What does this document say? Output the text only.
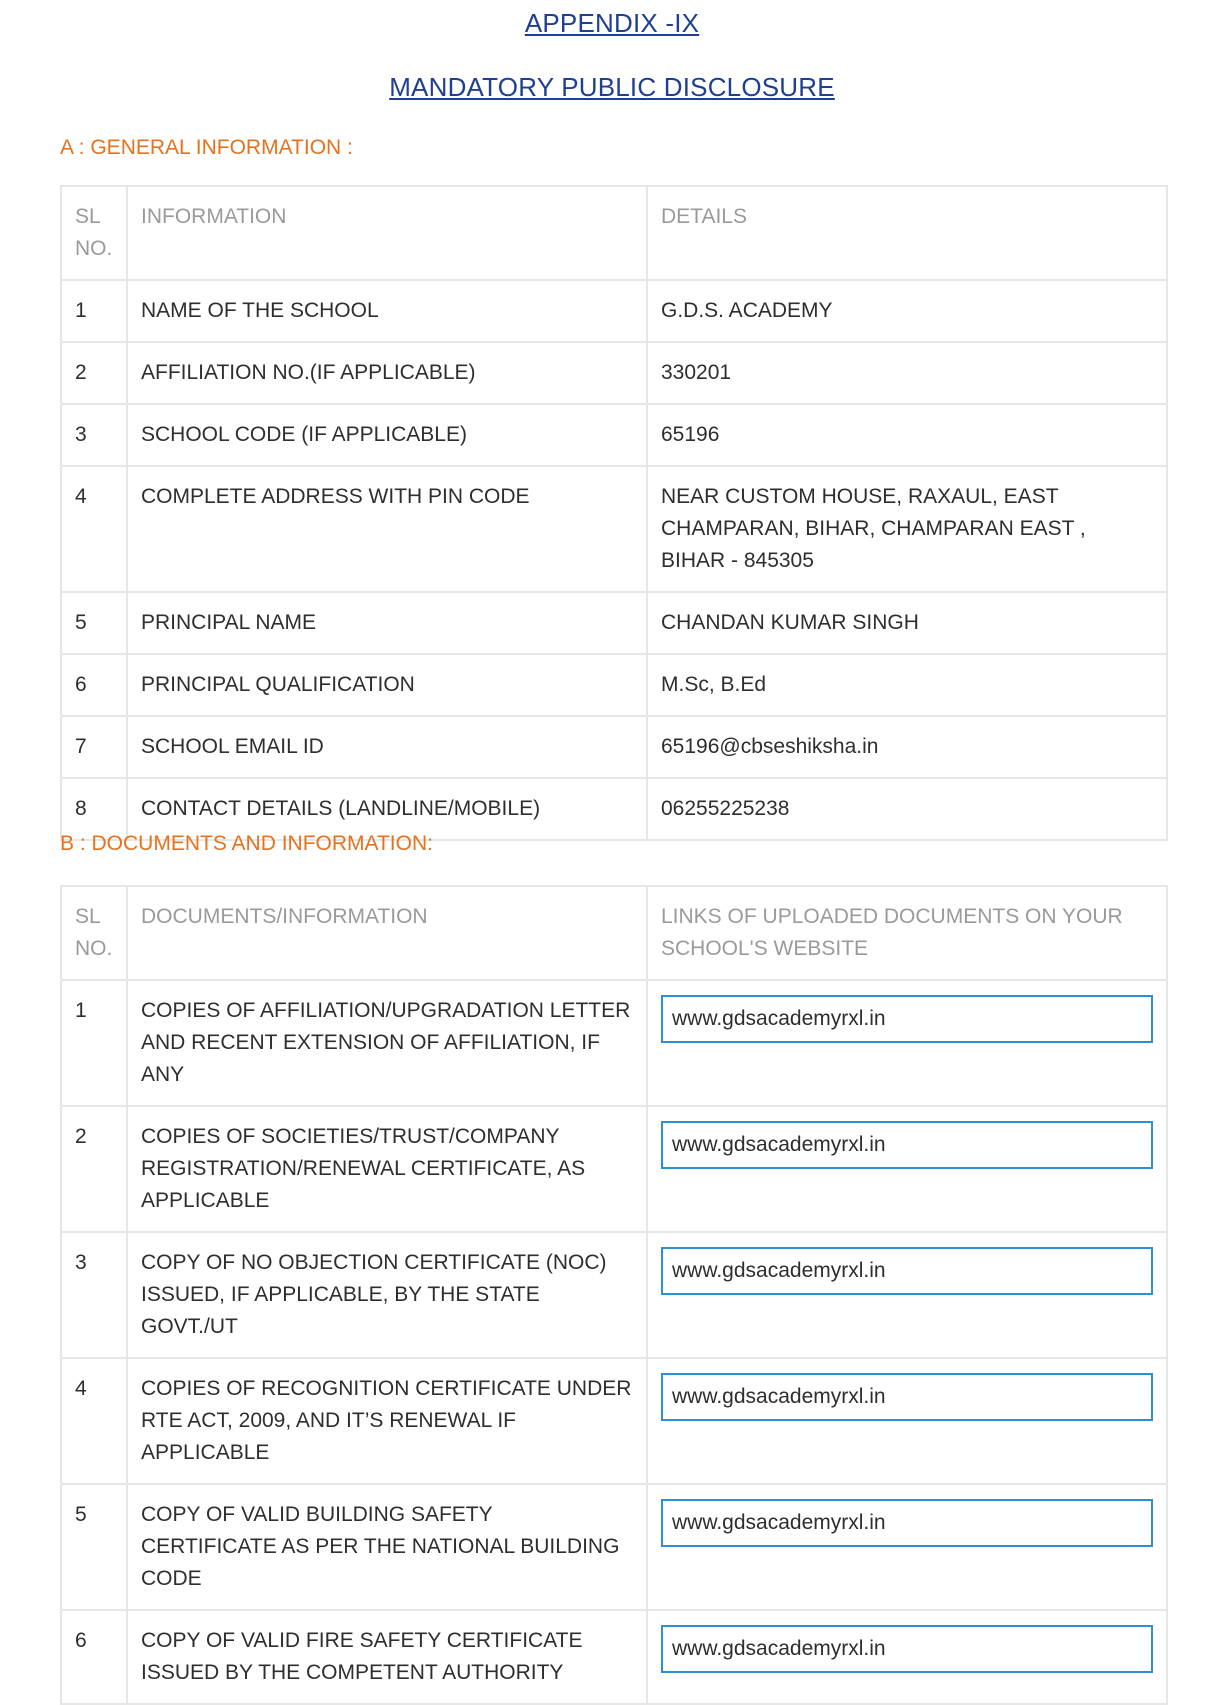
APPENDIX -IX
MANDATORY PUBLIC DISCLOSURE
A : GENERAL INFORMATION :
SL NO.	INFORMATION	DETAILS
1	NAME OF THE SCHOOL	G.D.S. ACADEMY
2	AFFILIATION NO.(IF APPLICABLE)	330201
3	SCHOOL CODE (IF APPLICABLE)	65196
4	COMPLETE ADDRESS WITH PIN CODE	NEAR CUSTOM HOUSE, RAXAUL, EAST CHAMPARAN, BIHAR, CHAMPARAN EAST , BIHAR - 845305
5	PRINCIPAL NAME	CHANDAN KUMAR SINGH
6	PRINCIPAL QUALIFICATION	M.Sc, B.Ed
7	SCHOOL EMAIL ID	65196@cbseshiksha.in
8	CONTACT DETAILS (LANDLINE/MOBILE)	06255225238
B : DOCUMENTS AND INFORMATION:
SL NO.	DOCUMENTS/INFORMATION	LINKS OF UPLOADED DOCUMENTS ON YOUR SCHOOL'S WEBSITE
1	COPIES OF AFFILIATION/UPGRADATION LETTER AND RECENT EXTENSION OF AFFILIATION, IF ANY	www.gdsacademyrxl.in

2	COPIES OF SOCIETIES/TRUST/COMPANY REGISTRATION/RENEWAL CERTIFICATE, AS APPLICABLE	www.gdsacademyrxl.in

3	COPY OF NO OBJECTION CERTIFICATE (NOC) ISSUED, IF APPLICABLE, BY THE STATE GOVT./UT	www.gdsacademyrxl.in

4	COPIES OF RECOGNITION CERTIFICATE UNDER RTE ACT, 2009, AND IT’S RENEWAL IF APPLICABLE	www.gdsacademyrxl.in

5	COPY OF VALID BUILDING SAFETY CERTIFICATE AS PER THE NATIONAL BUILDING CODE	www.gdsacademyrxl.in

6	COPY OF VALID FIRE SAFETY CERTIFICATE ISSUED BY THE COMPETENT AUTHORITY	www.gdsacademyrxl.in
